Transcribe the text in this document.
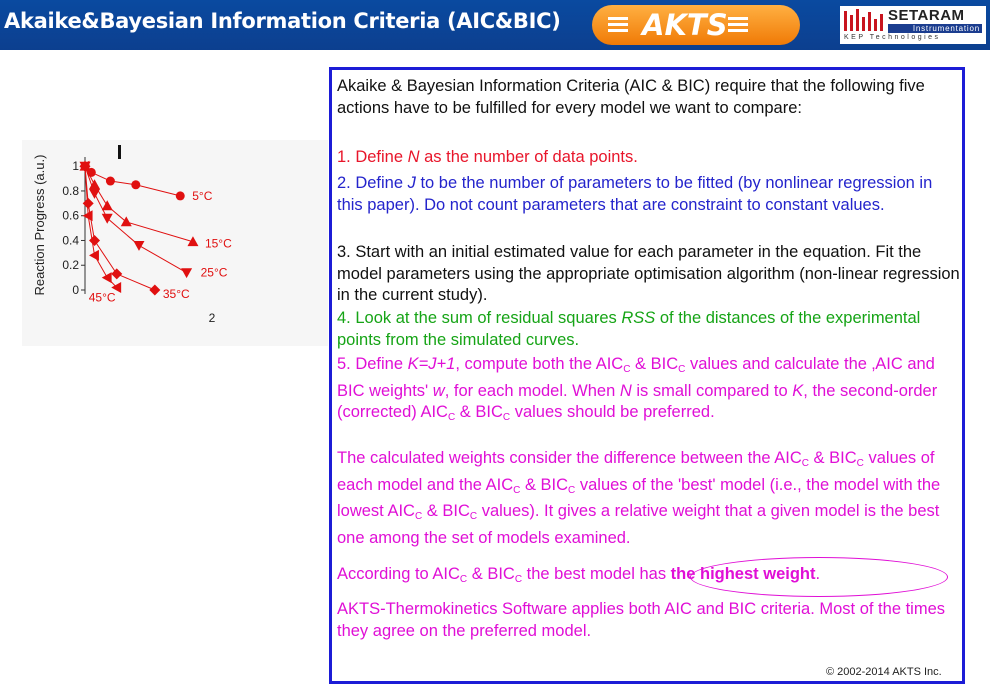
Akaike&Bayesian Information Criteria (AIC&BIC)	AKTS	SETARAM
Instrumentation
KEP Technologies
0
0.2
0.4
0.6
0.8
1
2
Reaction Progress (a.u.)	5°C
15°C
25°C
35°C
45°C

Akaike & Bayesian Information Criteria (AIC & BIC) require that the following five actions have to be fulfilled for every model we want to compare:

1. Define N as the number of data points.

2. Define J to be the number of parameters to be fitted (by nonlinear regression in this paper). Do not count parameters that are constraint to constant values.

3. Start with an initial estimated value for each parameter in the equation. Fit the model parameters using the appropriate optimisation algorithm (non-linear regression in the current study).

4. Look at the sum of residual squares RSS of the distances of the experimental points from the simulated curves.

5. Define K=J+1, compute both the $AIC_C$ & $BIC_C$ values and calculate the ‚AIC and BIC weights' w, for each model. When N is small compared to K, the second-order (corrected) $AIC_C$ & $BIC_C$ values should be preferred.

The calculated weights consider the difference between the $AIC_C$ & $BIC_C$ values of each model and the $AIC_C$ & $BIC_C$ values of the 'best' model (i.e., the model with the lowest $AIC_C$ & $BIC_C$ values). It gives a relative weight that a given model is the best one among the set of models examined.

According to $AIC_C$ & $BIC_C$ the best model has the highest weight.

AKTS-Thermokinetics Software applies both AIC and BIC criteria. Most of the times they agree on the preferred model.

© 2002-2014 AKTS Inc.
